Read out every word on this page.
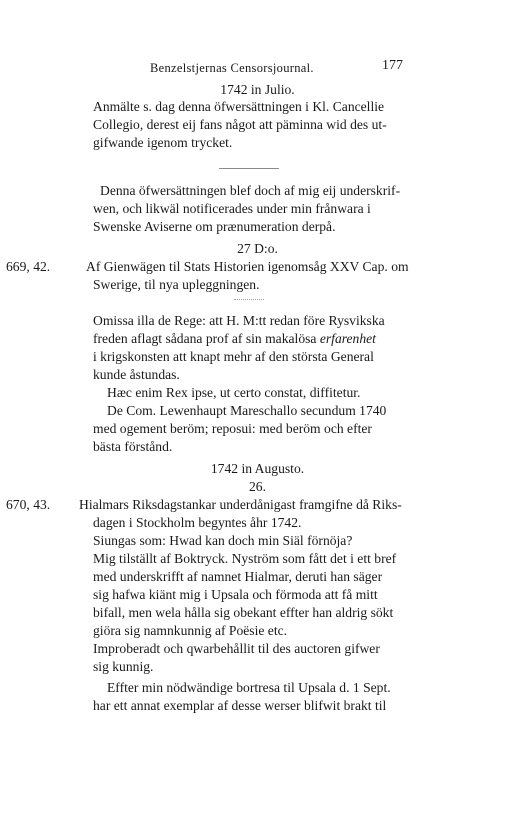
Benzelstjernas Censorsjournal.	177
1742 in Julio.
Anmälte s. dag denna öfwersättningen i Kl. Cancellie
Collegio, derest eij fans något att päminna wid des ut-
gifwande igenom trycket.
Denna öfwersättningen blef doch af mig eij underskrif-
wen, och likwäl notificerades under min frånwara i
Swenske Aviserne om prænumeration derpå.
27 D:o.
669, 42.	Af Gienwägen til Stats Historien igenomsåg XXV Cap. om
Swerige, til nya upleggningen.
Omissa illa de Rege: att H. M:tt redan före Rysvikska
freden aflagt sådana prof af sin makalösa erfarenhet
i krigskonsten att knapt mehr af den största General
kunde åstundas.
Hæc enim Rex ipse, ut certo constat, diffitetur.
De Com. Lewenhaupt Mareschallo secundum 1740
med ogement beröm; reposui: med beröm och efter
bästa förstånd.
1742 in Augusto.
26.
670, 43. Hialmars Riksdagstankar underdånigast framgifne då Riks-
dagen i Stockholm begyntes åhr 1742.
Siungas som: Hwad kan doch min Siäl förnöja?
Mig tilställt af Boktryck. Nyström som fått det i ett bref
med underskrifft af namnet Hialmar, deruti han säger
sig hafwa kiänt mig i Upsala och förmoda att få mitt
bifall, men wela hålla sig obekant effter han aldrig sökt
giöra sig namnkunnig af Poësie etc.
Improberadt och qwarbehållit til des auctoren gifwer
sig kunnig.
Effter min nödwändige bortresa til Upsala d. 1 Sept.
har ett annat exemplar af desse werser blifwit brakt til
